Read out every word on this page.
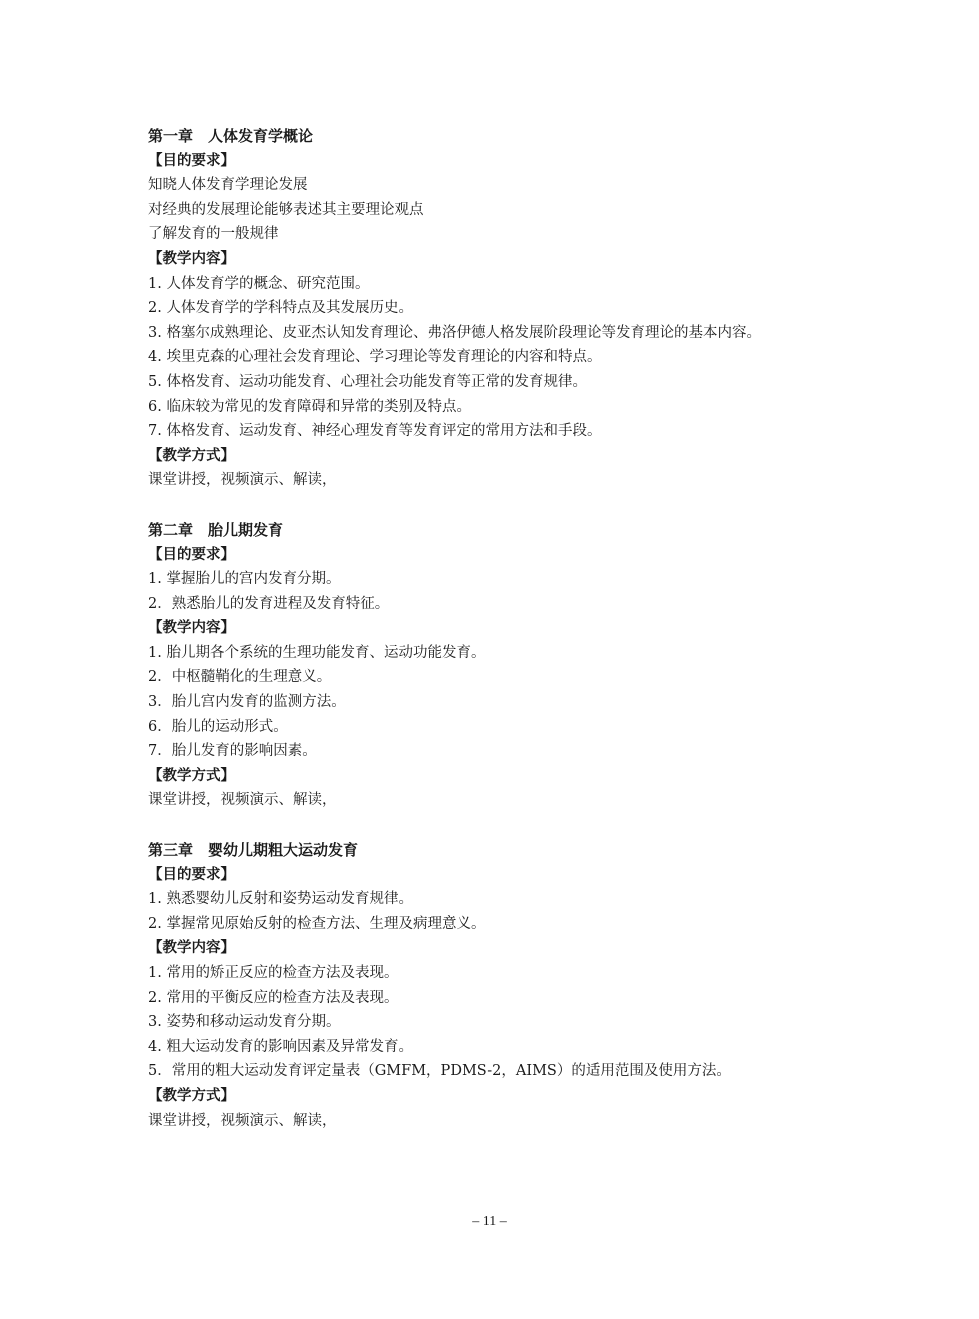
第一章　人体发育学概论
【目的要求】
知晓人体发育学理论发展
对经典的发展理论能够表述其主要理论观点
了解发育的一般规律
【教学内容】
1. 人体发育学的概念、研究范围。
2. 人体发育学的学科特点及其发展历史。
3. 格塞尔成熟理论、皮亚杰认知发育理论、弗洛伊德人格发展阶段理论等发育理论的基本内容。
4. 埃里克森的心理社会发育理论、学习理论等发育理论的内容和特点。
5. 体格发育、运动功能发育、心理社会功能发育等正常的发育规律。
6. 临床较为常见的发育障碍和异常的类别及特点。
7. 体格发育、运动发育、神经心理发育等发育评定的常用方法和手段。
【教学方式】
课堂讲授，视频演示、解读，
第二章　胎儿期发育
【目的要求】
1. 掌握胎儿的宫内发育分期。
2．熟悉胎儿的发育进程及发育特征。
【教学内容】
1. 胎儿期各个系统的生理功能发育、运动功能发育。
2．中枢髓鞘化的生理意义。
3．胎儿宫内发育的监测方法。
6．胎儿的运动形式。
7．胎儿发育的影响因素。
【教学方式】
课堂讲授，视频演示、解读，
第三章　婴幼儿期粗大运动发育
【目的要求】
1. 熟悉婴幼儿反射和姿势运动发育规律。
2. 掌握常见原始反射的检查方法、生理及病理意义。
【教学内容】
1. 常用的矫正反应的检查方法及表现。
2. 常用的平衡反应的检查方法及表现。
3. 姿势和移动运动发育分期。
4. 粗大运动发育的影响因素及异常发育。
5．常用的粗大运动发育评定量表（GMFM，PDMS-2，AIMS）的适用范围及使用方法。
【教学方式】
课堂讲授，视频演示、解读，
– 11 –
